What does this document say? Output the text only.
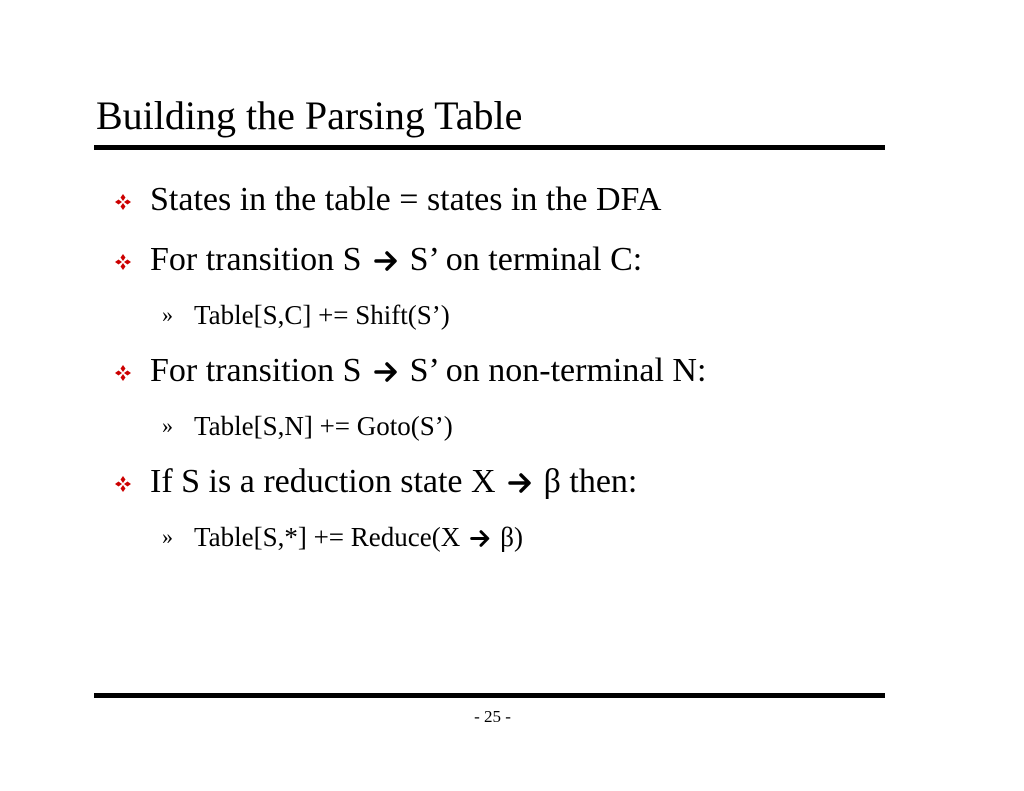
Building the Parsing Table
States in the table = states in the DFA
For transition S S’ on terminal C:
» Table[S,C] += Shift(S’)
For transition S S’ on non-terminal N:
» Table[S,N] += Goto(S’)
If S is a reduction state X β then:
» Table[S,*] += Reduce(X β)
- 25 -
